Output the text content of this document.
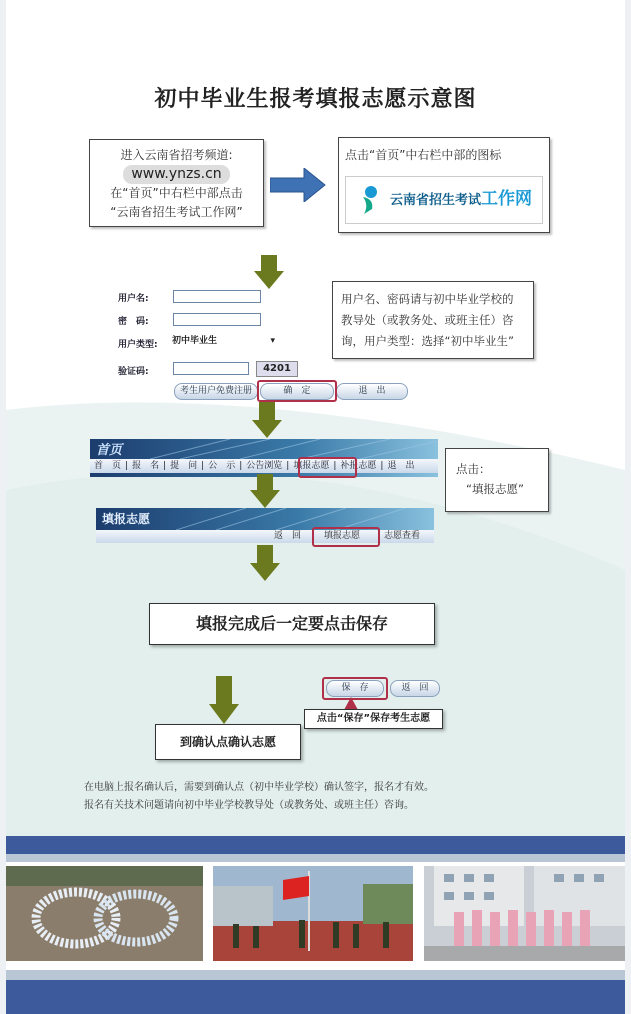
初中毕业生报考填报志愿示意图
进入云南省招考频道:
www.ynzs.cn
在“首页”中右栏中部点击
“云南省招生考试工作网”
点击“首页”中右栏中部的图标
云南省招生考试工作网
用户名:
密　码:
用户类型:	初中毕业生	▾
验证码:	4201
考生用户免费注册	确　定	退　出
用户名、密码请与初中毕业学校的
教导处（或教务处、或班主任）咨
询，用户类型：选择“初中毕业生”
首页
首　页 | 报　名 | 提　问 | 公　示 | 公告浏览 | 填报志愿 | 补报志愿 | 退　出	点击：
“填报志愿”
填报志愿
返　回	填报志愿	志愿查看
填报完成后一定要点击保存
保　存	返　回
点击“保存”保存考生志愿
到确认点确认志愿
在电脑上报名确认后，需要到确认点（初中毕业学校）确认签字，报名才有效。
报名有关技术问题请向初中毕业学校教导处（或教务处、或班主任）咨询。
